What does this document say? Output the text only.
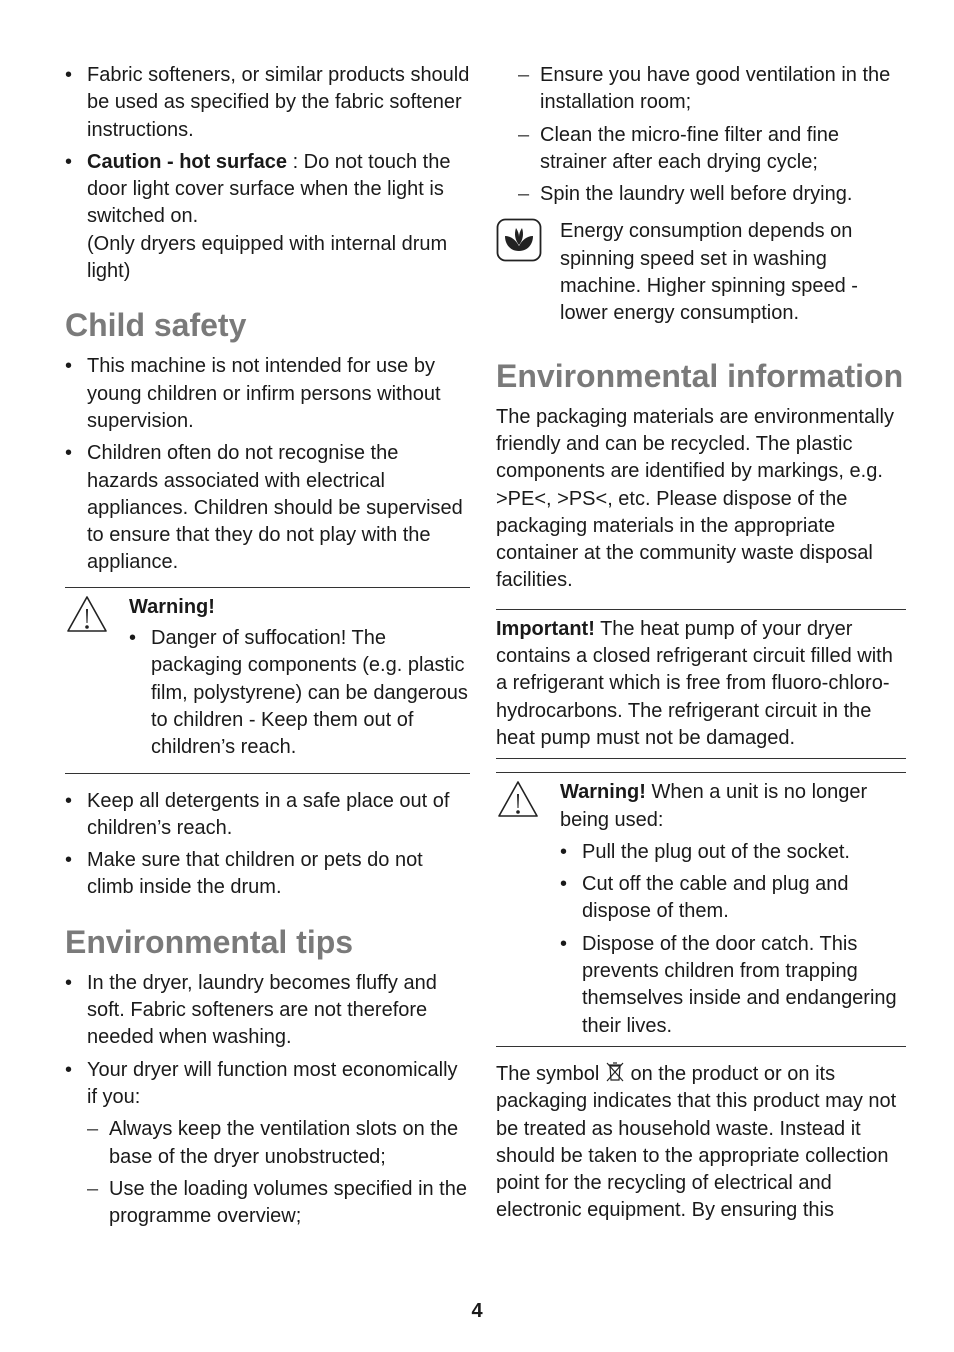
• Fabric softeners, or similar products should be used as specified by the fabric softener instructions.
• Caution - hot surface : Do not touch the door light cover surface when the light is switched on.
(Only dryers equipped with internal drum light)
Child safety
• This machine is not intended for use by young children or infirm persons without supervision.
• Children often do not recognise the hazards associated with electrical appliances. Children should be supervised to ensure that they do not play with the appliance.
Warning!
• Danger of suffocation! The packaging components (e.g. plastic film, polystyrene) can be dangerous to children - Keep them out of children’s reach.
• Keep all detergents in a safe place out of children’s reach.
• Make sure that children or pets do not climb inside the drum.
Environmental tips
• In the dryer, laundry becomes fluffy and soft. Fabric softeners are not therefore needed when washing.
• Your dryer will function most economically if you:
– Always keep the ventilation slots on the base of the dryer unobstructed;
– Use the loading volumes specified in the programme overview;
– Ensure you have good ventilation in the installation room;
– Clean the micro-fine filter and fine strainer after each drying cycle;
– Spin the laundry well before drying.
Energy consumption depends on spinning speed set in washing machine. Higher spinning speed - lower energy consumption.
Environmental information

The packaging materials are environmentally friendly and can be recycled. The plastic components are identified by markings, e.g. >PE<, >PS<, etc. Please dispose of the packaging materials in the appropriate container at the community waste disposal facilities.

Important! The heat pump of your dryer contains a closed refrigerant circuit filled with a refrigerant which is free from fluoro-chloro-hydrocarbons. The refrigerant circuit in the heat pump must not be damaged.

Warning! When a unit is no longer being used:
• Pull the plug out of the socket.
• Cut off the cable and plug and dispose of them.
• Dispose of the door catch. This prevents children from trapping themselves inside and endangering their lives.

The symbol
on the product or on its packaging indicates that this product may not be treated as household waste. Instead it should be taken to the appropriate collection point for the recycling of electrical and electronic equipment. By ensuring this

4
